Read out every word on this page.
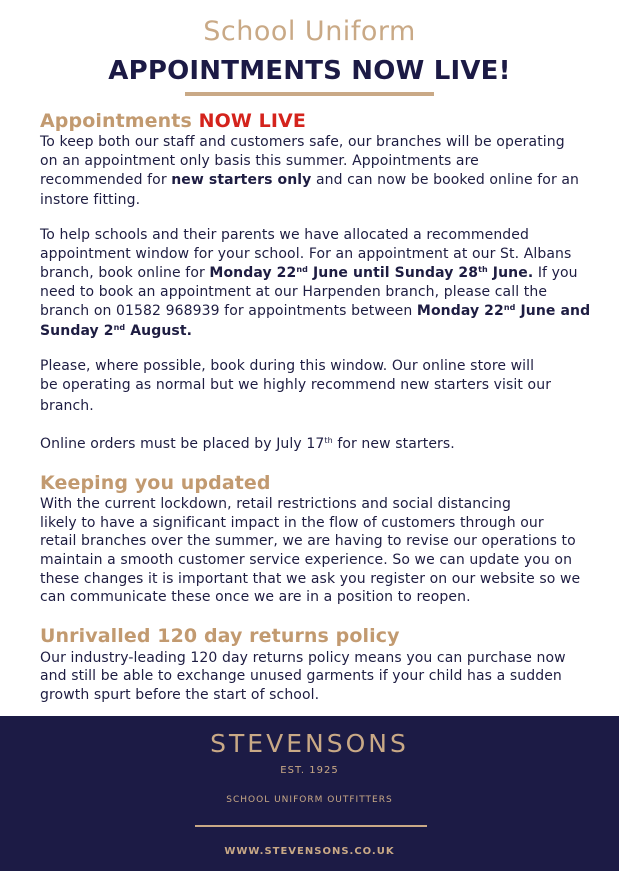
School Uniform
APPOINTMENTS NOW LIVE!
Appointments NOW LIVE
To keep both our staff and customers safe, our branches will be operating
on an appointment only basis this summer. Appointments are
recommended for new starters only and can now be booked online for an
instore fitting.
To help schools and their parents we have allocated a recommended
appointment window for your school. For an appointment at our St. Albans
branch, book online for Monday 22nd June until Sunday 28th June. If you
need to book an appointment at our Harpenden branch, please call the
branch on 01582 968939 for appointments between Monday 22nd June and
Sunday 2nd August.
Please, where possible, book during this window. Our online store will
be operating as normal but we highly recommend new starters visit our
branch.
Online orders must be placed by July 17th for new starters.
Keeping you updated
With the current lockdown, retail restrictions and social distancing
likely to have a significant impact in the flow of customers through our
retail branches over the summer, we are having to revise our operations to
maintain a smooth customer service experience. So we can update you on
these changes it is important that we ask you register on our website so we
can communicate these once we are in a position to reopen.
Unrivalled 120 day returns policy
Our industry-leading 120 day returns policy means you can purchase now
and still be able to exchange unused garments if your child has a sudden
growth spurt before the start of school.
STEVENSONS
EST. 1925
SCHOOL UNIFORM OUTFITTERS
WWW.STEVENSONS.CO.UK
